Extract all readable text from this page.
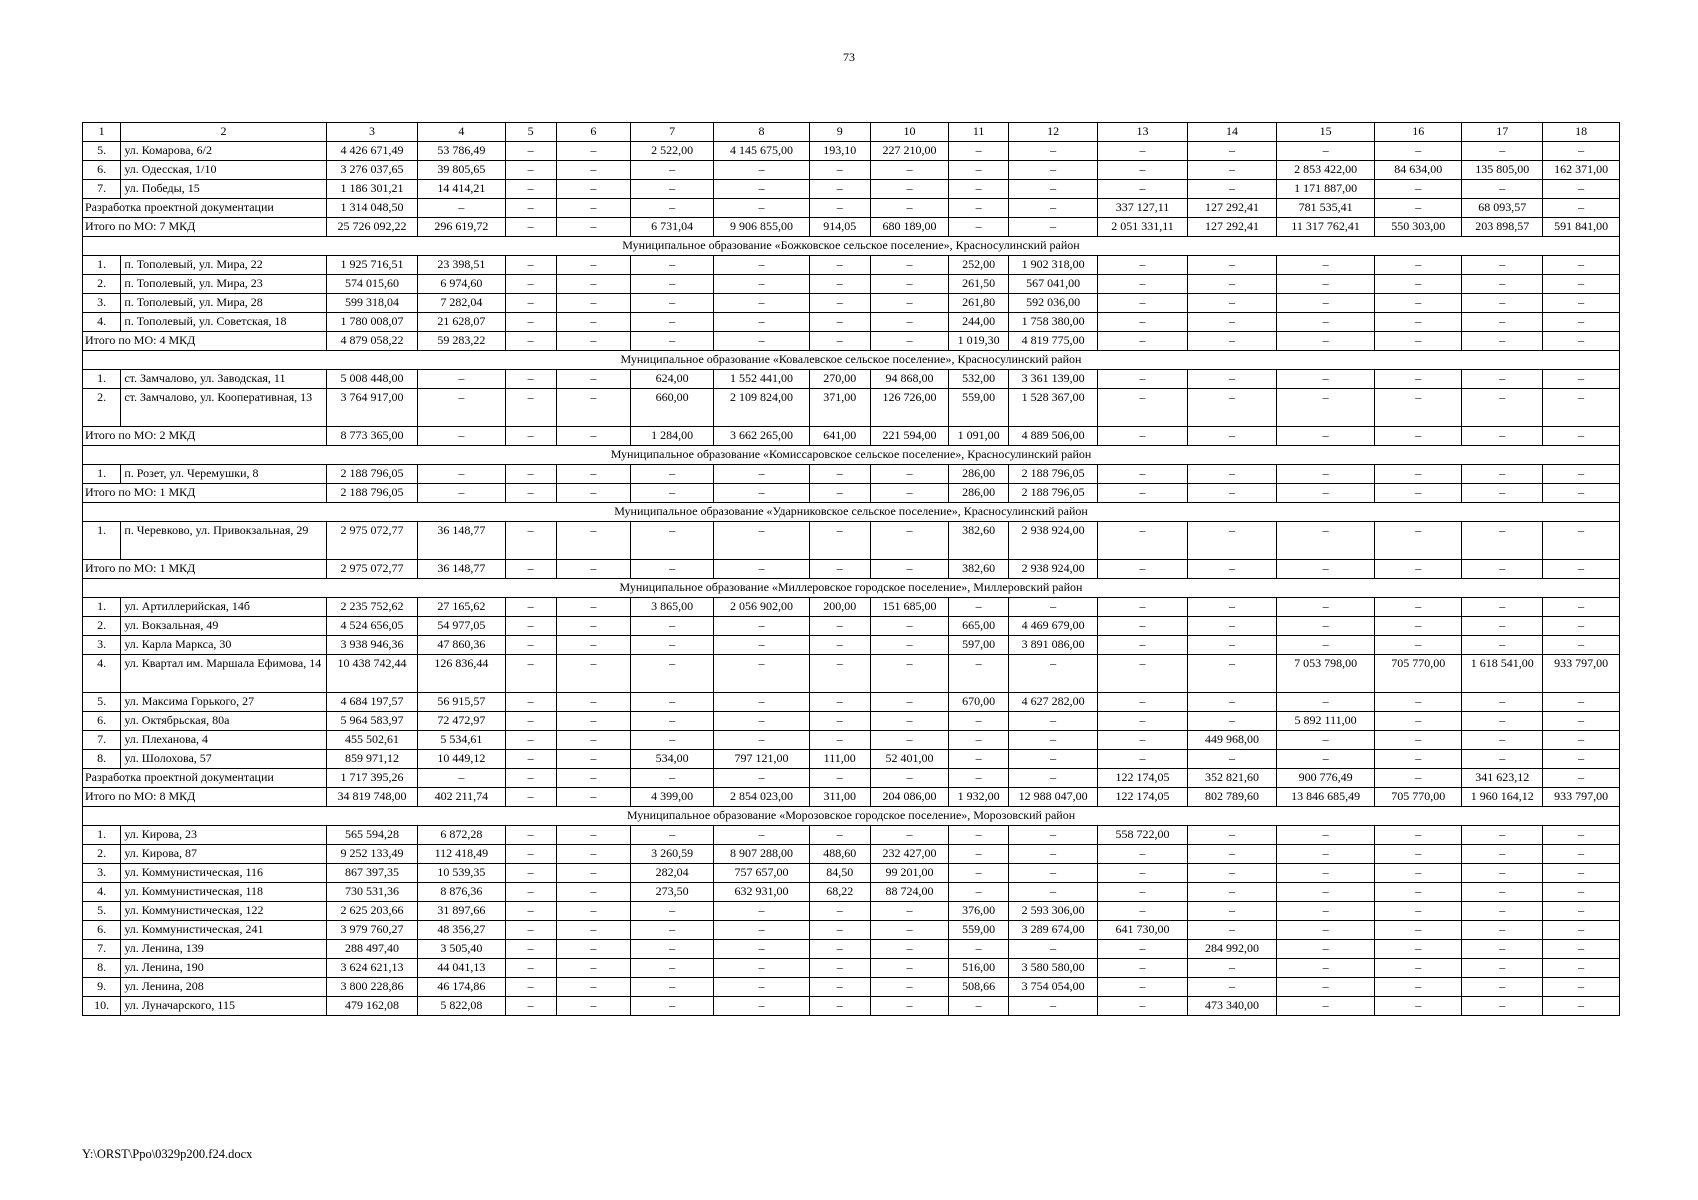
73
1	2	3	4	5	6	7	8	9	10	11	12	13	14	15	16	17	18
5.	ул. Комарова, 6/2	4 426 671,49	53 786,49	–	–	2 522,00	4 145 675,00	193,10	227 210,00	–	–	–	–	–	–	–	–
6.	ул. Одесская, 1/10	3 276 037,65	39 805,65	–	–	–	–	–	–	–	–	–	–	2 853 422,00	84 634,00	135 805,00	162 371,00
7.	ул. Победы, 15	1 186 301,21	14 414,21	–	–	–	–	–	–	–	–	–	–	1 171 887,00	–	–	–
Разработка проектной документации		1 314 048,50	–	–	–	–	–	–	–	–	–	337 127,11	127 292,41	781 535,41	–	68 093,57	–
Итого по МО: 7 МКД		25 726 092,22	296 619,72	–	–	6 731,04	9 906 855,00	914,05	680 189,00	–	–	2 051 331,11	127 292,41	11 317 762,41	550 303,00	203 898,57	591 841,00
Муниципальное образование «Божковское сельское поселение», Красносулинский район																	
1.	п. Тополевый, ул. Мира, 22	1 925 716,51	23 398,51	–	–	–	–	–	–	252,00	1 902 318,00	–	–	–	–	–	–
2.	п. Тополевый, ул. Мира, 23	574 015,60	6 974,60	–	–	–	–	–	–	261,50	567 041,00	–	–	–	–	–	–
3.	п. Тополевый, ул. Мира, 28	599 318,04	7 282,04	–	–	–	–	–	–	261,80	592 036,00	–	–	–	–	–	–
4.	п. Тополевый, ул. Советская, 18	1 780 008,07	21 628,07	–	–	–	–	–	–	244,00	1 758 380,00	–	–	–	–	–	–
Итого по МО: 4 МКД		4 879 058,22	59 283,22	–	–	–	–	–	–	1 019,30	4 819 775,00	–	–	–	–	–	–
Муниципальное образование «Ковалевское сельское поселение», Красносулинский район																	
1.	ст. Замчалово, ул. Заводская, 11	5 008 448,00	–	–	–	624,00	1 552 441,00	270,00	94 868,00	532,00	3 361 139,00	–	–	–	–	–	–
2.	ст. Замчалово, ул. Кооперативная, 13	3 764 917,00	–	–	–	660,00	2 109 824,00	371,00	126 726,00	559,00	1 528 367,00	–	–	–	–	–	–
Итого по МО: 2 МКД		8 773 365,00	–	–	–	1 284,00	3 662 265,00	641,00	221 594,00	1 091,00	4 889 506,00	–	–	–	–	–	–
Муниципальное образование «Комиссаровское сельское поселение», Красносулинский район																	
1.	п. Розет, ул. Черемушки, 8	2 188 796,05	–	–	–	–	–	–	–	286,00	2 188 796,05	–	–	–	–	–	–
Итого по МО: 1 МКД		2 188 796,05	–	–	–	–	–	–	–	286,00	2 188 796,05	–	–	–	–	–	–
Муниципальное образование «Ударниковское сельское поселение», Красносулинский район																	
1.	п. Черевково, ул. Привокзальная, 29	2 975 072,77	36 148,77	–	–	–	–	–	–	382,60	2 938 924,00	–	–	–	–	–	–
Итого по МО: 1 МКД		2 975 072,77	36 148,77	–	–	–	–	–	–	382,60	2 938 924,00	–	–	–	–	–	–
Муниципальное образование «Миллеровское городское поселение», Миллеровский район																	
1.	ул. Артиллерийская, 14б	2 235 752,62	27 165,62	–	–	3 865,00	2 056 902,00	200,00	151 685,00	–	–	–	–	–	–	–	–
2.	ул. Вокзальная, 49	4 524 656,05	54 977,05	–	–	–	–	–	–	665,00	4 469 679,00	–	–	–	–	–	–
3.	ул. Карла Маркса, 30	3 938 946,36	47 860,36	–	–	–	–	–	–	597,00	3 891 086,00	–	–	–	–	–	–
4.	ул. Квартал им. Маршала Ефимова, 14	10 438 742,44	126 836,44	–	–	–	–	–	–	–	–	–	–	7 053 798,00	705 770,00	1 618 541,00	933 797,00
5.	ул. Максима Горького, 27	4 684 197,57	56 915,57	–	–	–	–	–	–	670,00	4 627 282,00	–	–	–	–	–	–
6.	ул. Октябрьская, 80а	5 964 583,97	72 472,97	–	–	–	–	–	–	–	–	–	–	5 892 111,00	–	–	–
7.	ул. Плеханова, 4	455 502,61	5 534,61	–	–	–	–	–	–	–	–	–	449 968,00	–	–	–	–
8.	ул. Шолохова, 57	859 971,12	10 449,12	–	–	534,00	797 121,00	111,00	52 401,00	–	–	–	–	–	–	–	–
Разработка проектной документации		1 717 395,26	–	–	–	–	–	–	–	–	–	122 174,05	352 821,60	900 776,49	–	341 623,12	–
Итого по МО: 8 МКД		34 819 748,00	402 211,74	–	–	4 399,00	2 854 023,00	311,00	204 086,00	1 932,00	12 988 047,00	122 174,05	802 789,60	13 846 685,49	705 770,00	1 960 164,12	933 797,00
Муниципальное образование «Морозовское городское поселение», Морозовский район																	
1.	ул. Кирова, 23	565 594,28	6 872,28	–	–	–	–	–	–	–	–	558 722,00	–	–	–	–	–
2.	ул. Кирова, 87	9 252 133,49	112 418,49	–	–	3 260,59	8 907 288,00	488,60	232 427,00	–	–	–	–	–	–	–	–
3.	ул. Коммунистическая, 116	867 397,35	10 539,35	–	–	282,04	757 657,00	84,50	99 201,00	–	–	–	–	–	–	–	–
4.	ул. Коммунистическая, 118	730 531,36	8 876,36	–	–	273,50	632 931,00	68,22	88 724,00	–	–	–	–	–	–	–	–
5.	ул. Коммунистическая, 122	2 625 203,66	31 897,66	–	–	–	–	–	–	376,00	2 593 306,00	–	–	–	–	–	–
6.	ул. Коммунистическая, 241	3 979 760,27	48 356,27	–	–	–	–	–	–	559,00	3 289 674,00	641 730,00	–	–	–	–	–
7.	ул. Ленина, 139	288 497,40	3 505,40	–	–	–	–	–	–	–	–	–	284 992,00	–	–	–	–
8.	ул. Ленина, 190	3 624 621,13	44 041,13	–	–	–	–	–	–	516,00	3 580 580,00	–	–	–	–	–	–
9.	ул. Ленина, 208	3 800 228,86	46 174,86	–	–	–	–	–	–	508,66	3 754 054,00	–	–	–	–	–	–
10.	ул. Луначарского, 115	479 162,08	5 822,08	–	–	–	–	–	–	–	–	–	473 340,00	–	–	–	–
Y:\ORST\Ppo\0329p200.f24.docx
